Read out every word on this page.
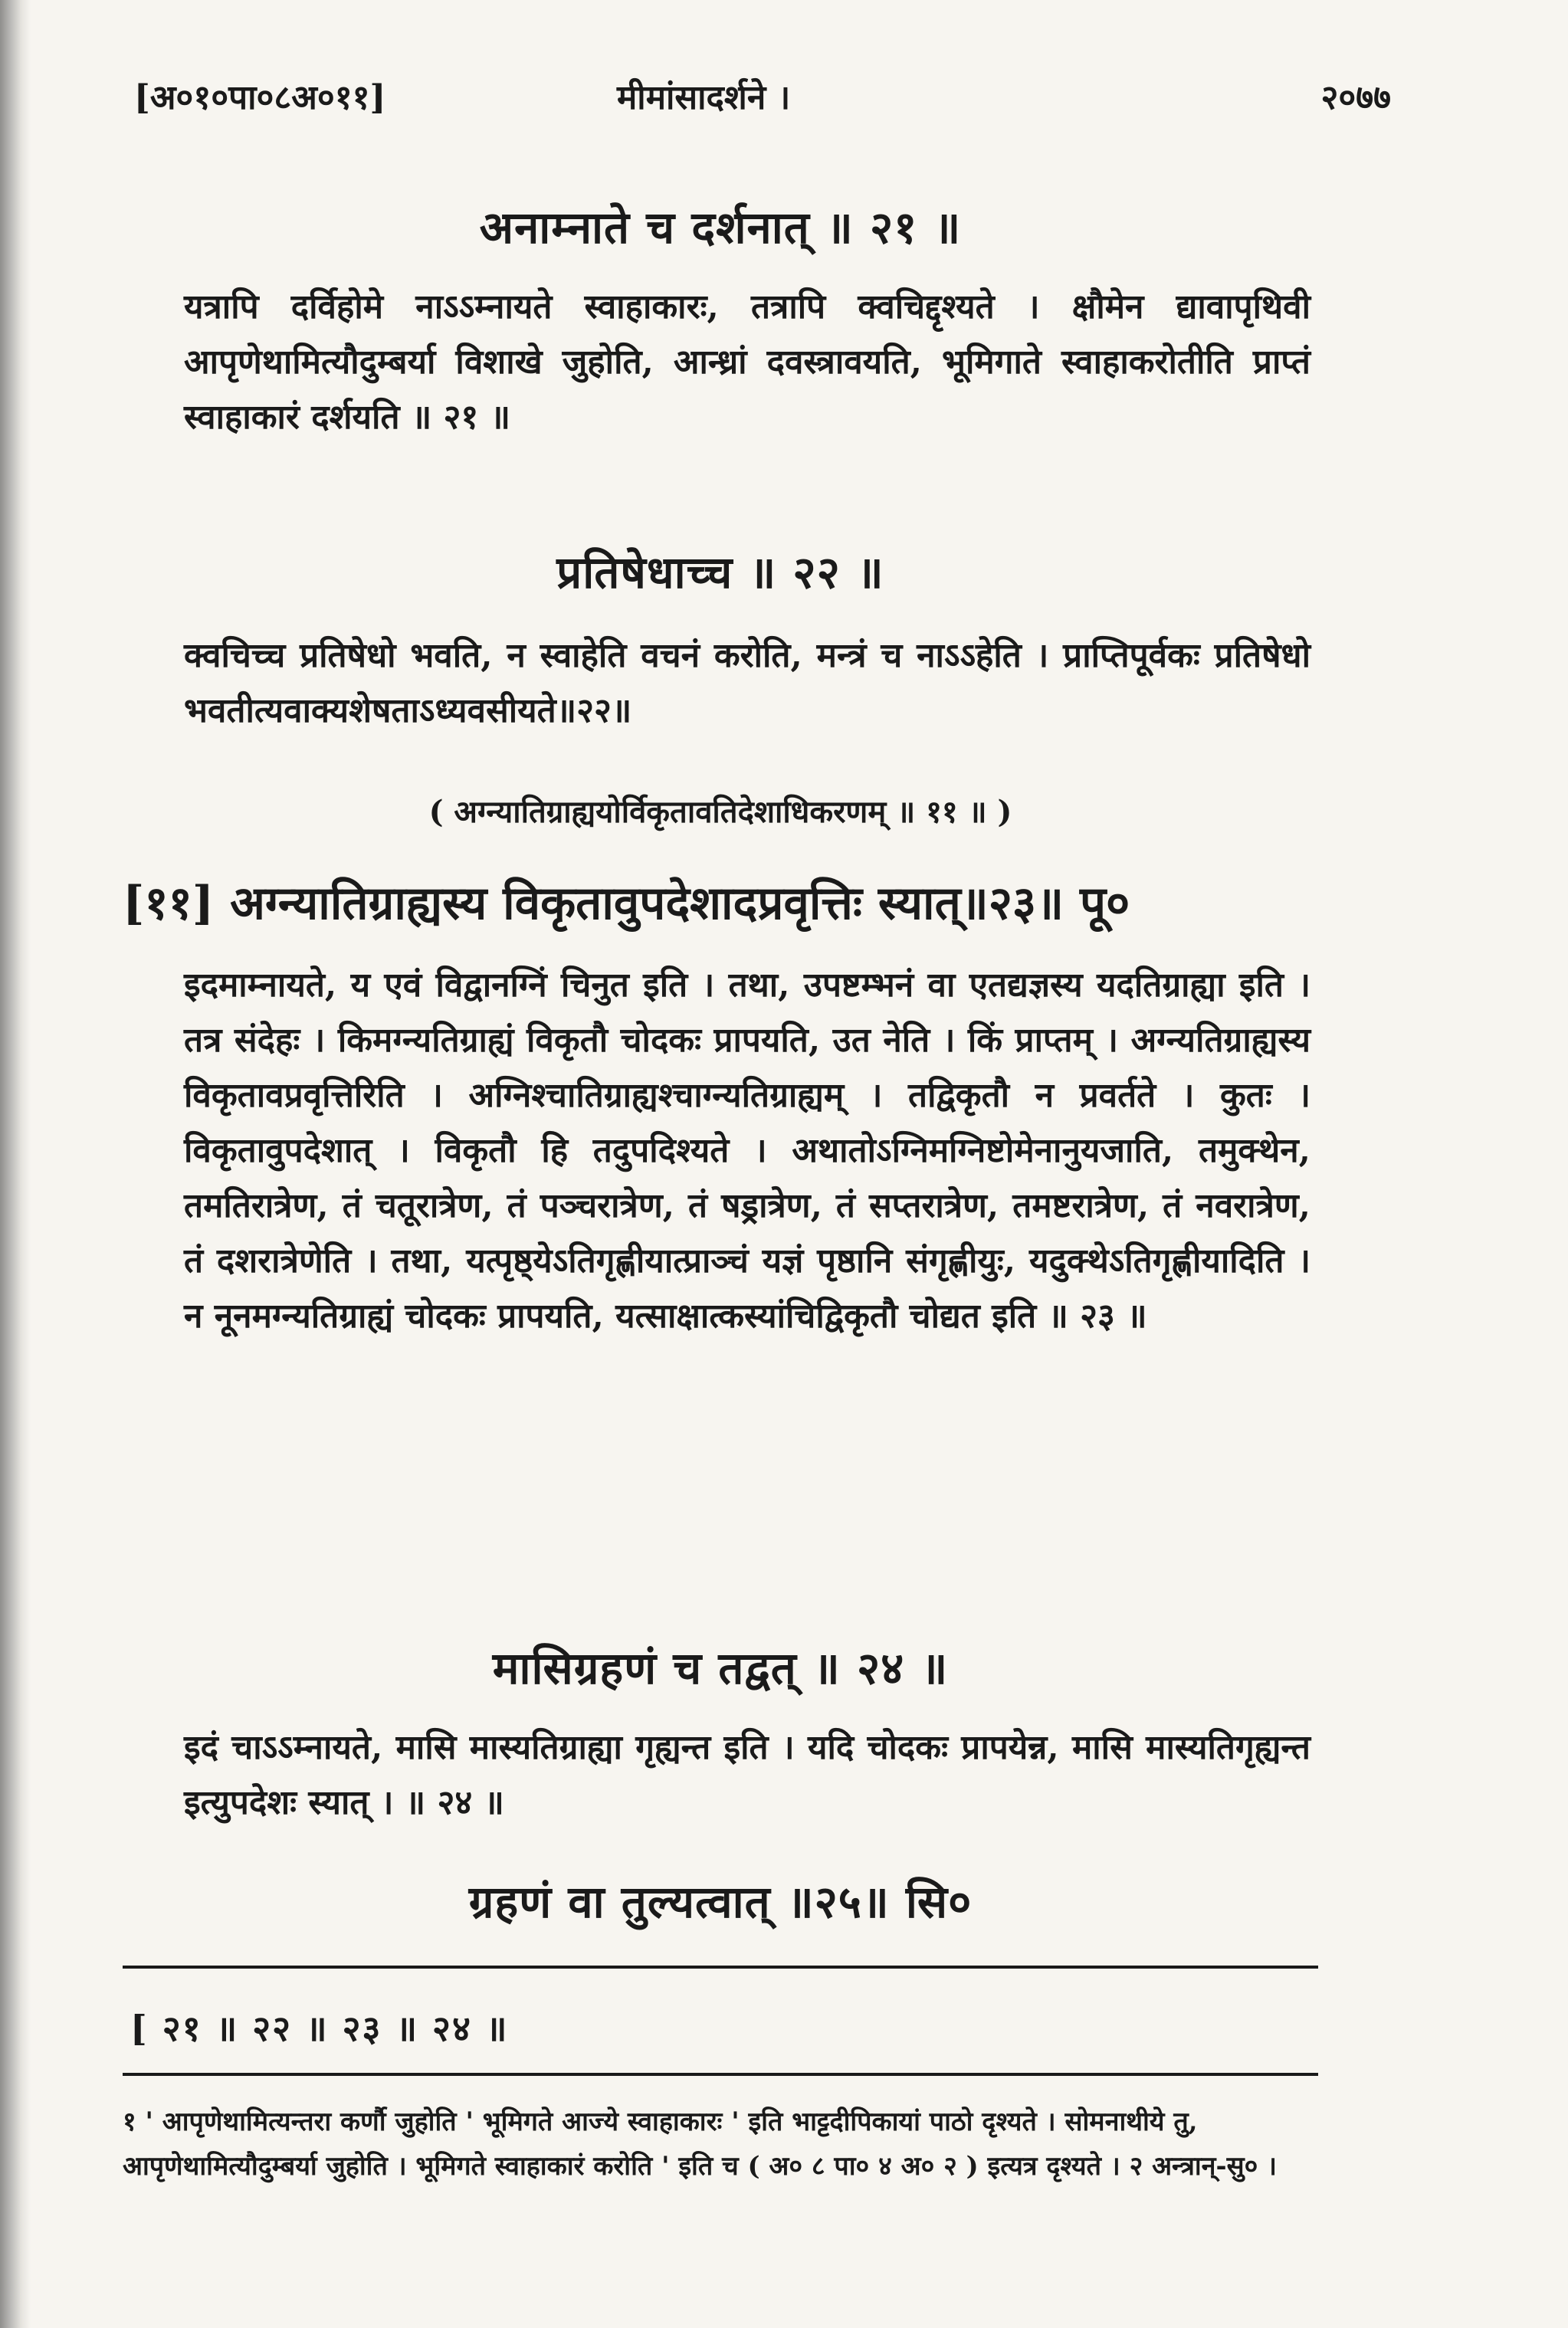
[अ०१०पा०८अ०११]	मीमांसादर्शने ।	२०७७
अनाम्नाते च दर्शनात् ॥ २१ ॥
यत्रापि दर्विहोमे नाऽऽम्नायते स्वाहाकारः, तत्रापि क्वचिद्दृश्यते । क्षौमेन द्यावापृथिवी आपृणेथामित्यौदुम्बर्या विशाखे जुहोति, आन्ध्रां दवस्त्रावयति, भूमिगाते स्वाहाकरोतीति प्राप्तं स्वाहाकारं दर्शयति ॥ २१ ॥
प्रतिषेधाच्च ॥ २२ ॥
क्वचिच्च प्रतिषेधो भवति, न स्वाहेति वचनं करोति, मन्त्रं च नाऽऽहेति । प्राप्तिपूर्वकः प्रतिषेधो भवतीत्यवाक्यशेषताऽध्यवसीयते॥२२॥
( अग्न्यातिग्राह्ययोर्विकृतावतिदेशाधिकरणम् ॥ ११ ॥ )
[११] अग्न्यातिग्राह्यस्य विकृतावुपदेशादप्रवृत्तिः स्यात्॥२३॥ पू०
इदमाम्नायते, य एवं विद्वानग्निं चिनुत इति । तथा, उपष्टम्भनं वा एतद्यज्ञस्य यदतिग्राह्या इति । तत्र संदेहः । किमग्न्यतिग्राह्यं विकृतौ चोदकः प्रापयति, उत नेति । किं प्राप्तम् । अग्न्यतिग्राह्यस्य विकृतावप्रवृत्तिरिति । अग्निश्चातिग्राह्यश्चाग्न्यतिग्राह्यम् । तद्विकृतौ न प्रवर्तते । कुतः । विकृतावुपदेशात् । विकृतौ हि तदुपदिश्यते । अथातोऽग्निमग्निष्टोमेनानुयजाति, तमुक्थेन, तमतिरात्रेण, तं चतूरात्रेण, तं पञ्चरात्रेण, तं षड्रात्रेण, तं सप्तरात्रेण, तमष्टरात्रेण, तं नवरात्रेण, तं दशरात्रेणेति । तथा, यत्पृष्ठ्येऽतिगृह्णीयात्प्राञ्चं यज्ञं पृष्ठानि संगृह्णीयुः, यदुक्थेऽतिगृह्णीयादिति । न नूनमग्न्यतिग्राह्यं चोदकः प्रापयति, यत्साक्षात्कस्यांचिद्विकृतौ चोद्यत इति ॥ २३ ॥
मासिग्रहणं च तद्वत् ॥ २४ ॥
इदं चाऽऽम्नायते, मासि मास्यतिग्राह्या गृह्यन्त इति । यदि चोदकः प्रापयेन्न, मासि मास्यतिगृह्यन्त इत्युपदेशः स्यात् । ॥ २४ ॥
ग्रहणं वा तुल्यत्वात् ॥२५॥ सि०
[ २१ ॥ २२ ॥ २३ ॥ २४ ॥
१ ' आपृणेथामित्यन्तरा कर्णौ जुहोति ' भूमिगते आज्ये स्वाहाकारः ' इति भाट्टदीपिकायां पाठो दृश्यते । सोमनाथीये तु, आपृणेथामित्यौदुम्बर्या जुहोति । भूमिगते स्वाहाकारं करोति ' इति च ( अ० ८ पा० ४ अ० २ ) इत्यत्र दृश्यते । २ अन्त्रान्-सु० ।
